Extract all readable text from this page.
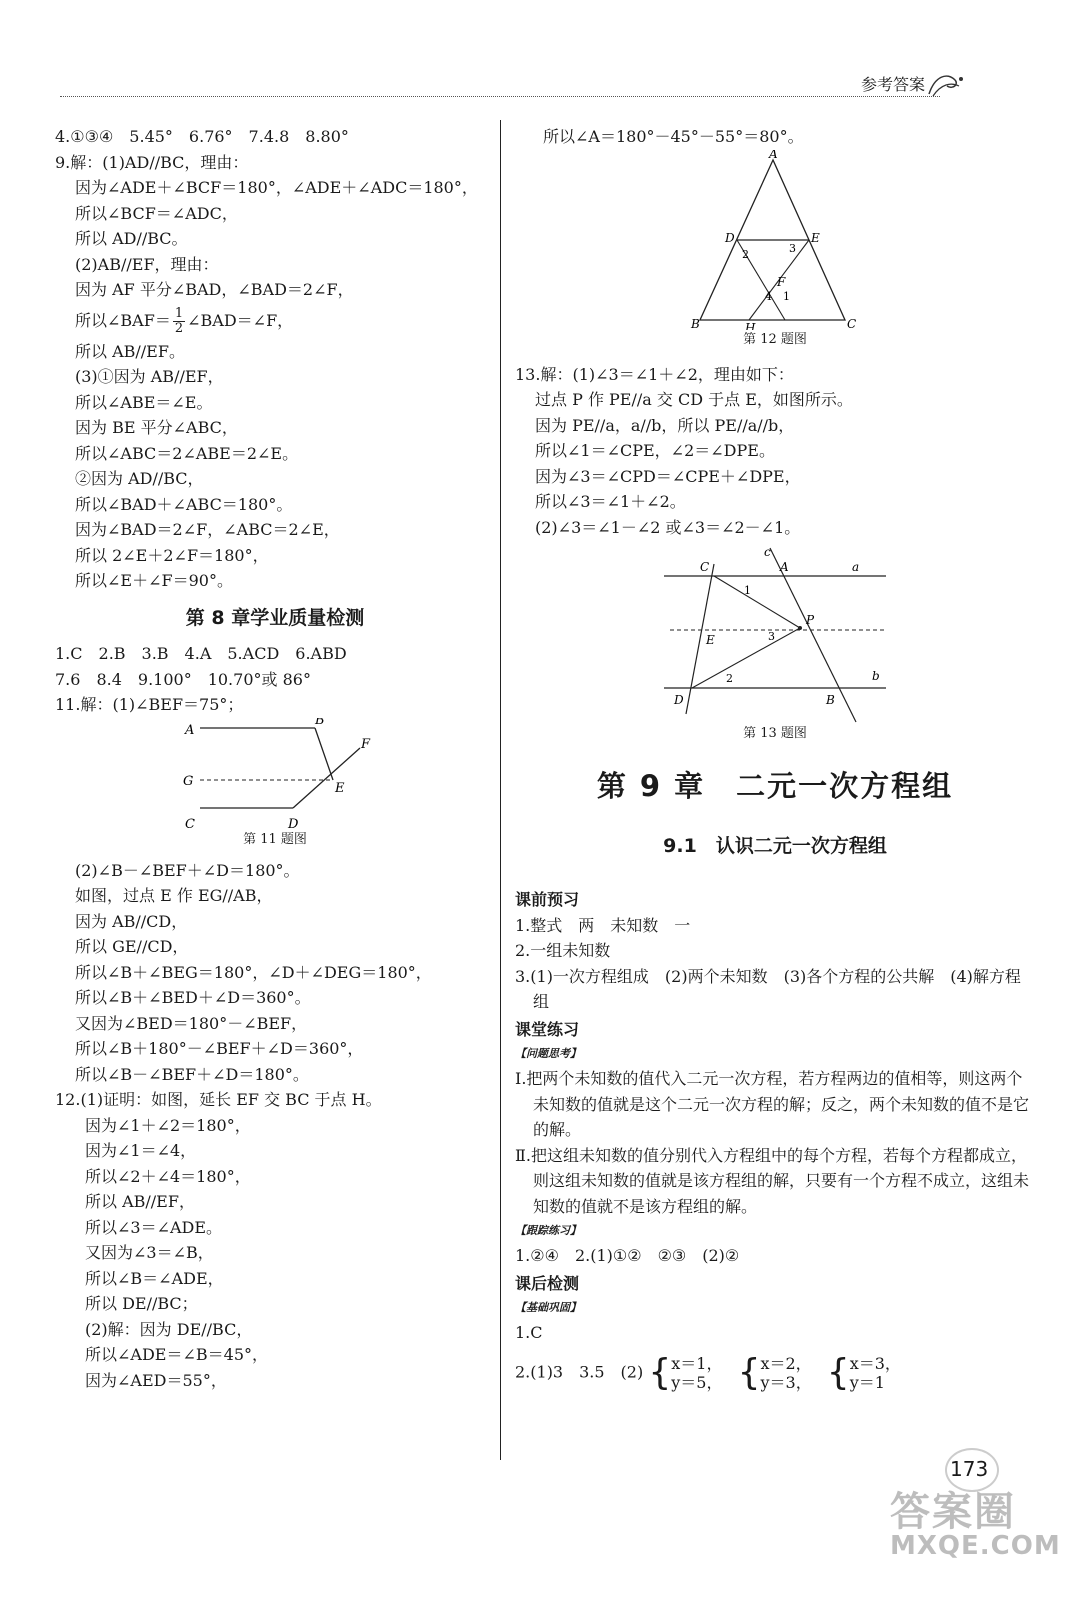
参考答案
4.①③④　5.45°　6.76°　7.4.8　8.80°
9.解：(1)AD//BC，理由：
因为∠ADE＋∠BCF＝180°，∠ADE＋∠ADC＝180°，
所以∠BCF＝∠ADC，
所以 AD//BC。
(2)AB//EF，理由：
因为 AF 平分∠BAD，∠BAD＝2∠F，
所以∠BAF＝ $\frac{1}{2}$ ∠BAD＝∠F，
所以 AB//EF。
(3)①因为 AB//EF，
所以∠ABE＝∠E。
因为 BE 平分∠ABC，
所以∠ABC＝2∠ABE＝2∠E。
②因为 AD//BC，
所以∠BAD＋∠ABC＝180°。
因为∠BAD＝2∠F，∠ABC＝2∠E，
所以 2∠E＋2∠F＝180°，
所以∠E＋∠F＝90°。
第 8 章学业质量检测
1.C　2.B　3.B　4.A　5.ACD　6.ABD
7.6　8.4　9.100°　10.70°或 86°
11.解：(1)∠BEF＝75°；
A
B
C	D
E
F
G
第 11 题图
(2)∠B－∠BEF＋∠D＝180°。
如图，过点 E 作 EG//AB，
因为 AB//CD，
所以 GE//CD，
所以∠B＋∠BEG＝180°，∠D＋∠DEG＝180°，
所以∠B＋∠BED＋∠D＝360°。
又因为∠BED＝180°－∠BEF，
所以∠B＋180°－∠BEF＋∠D＝360°，
所以∠B－∠BEF＋∠D＝180°。
12.(1)证明：如图，延长 EF 交 BC 于点 H。
因为∠1＋∠2＝180°，
因为∠1＝∠4，
所以∠2＋∠4＝180°，
所以 AB//EF，
所以∠3＝∠ADE。
又因为∠3＝∠B，
所以∠B＝∠ADE，
所以 DE//BC；
(2)解：因为 DE//BC，
所以∠ADE＝∠B＝45°，
因为∠AED＝55°，
所以∠A＝180°－45°－55°＝80°。
A
B	C
D	E
F
H
3
2
4 1
第 12 题图
13.解：(1)∠3＝∠1＋∠2，理由如下：
过点 P 作 PE//a 交 CD 于点 E，如图所示。
因为 PE//a，a//b，所以 PE//a//b，
所以∠1＝∠CPE，∠2＝∠DPE。
因为∠3＝∠CPD＝∠CPE＋∠DPE，
所以∠3＝∠1＋∠2。
(2)∠3＝∠1－∠2 或∠3＝∠2－∠1。
C
c
A	a
P
E
b
D	B
1
2
3
第 13 题图
第 9 章　二元一次方程组
9.1　认识二元一次方程组
课前预习
1.整式　两　未知数　一
2.一组未知数
3.(1)一次方程组成　(2)两个未知数　(3)各个方程的公共解　(4)解方程组
课堂练习
【问题思考】
Ⅰ.把两个未知数的值代入二元一次方程，若方程两边的值相等，则这两个未知数的值就是这个二元一次方程的解；反之，两个未知数的值不是它的解。
Ⅱ.把这组未知数的值分别代入方程组中的每个方程，若每个方程都成立，则这组未知数的值就是该方程组的解，只要有一个方程不成立，这组未知数的值就不是该方程组的解。
【跟踪练习】
1.②④　2.(1)①②　②③　(2)②
课后检测
【基础巩固】
1.C
2.(1)3　3.5　(2) { x＝1，
y＝5， { x＝2，
y＝3， { x＝3，
y＝1
173
答案圈
MXQE.COM
